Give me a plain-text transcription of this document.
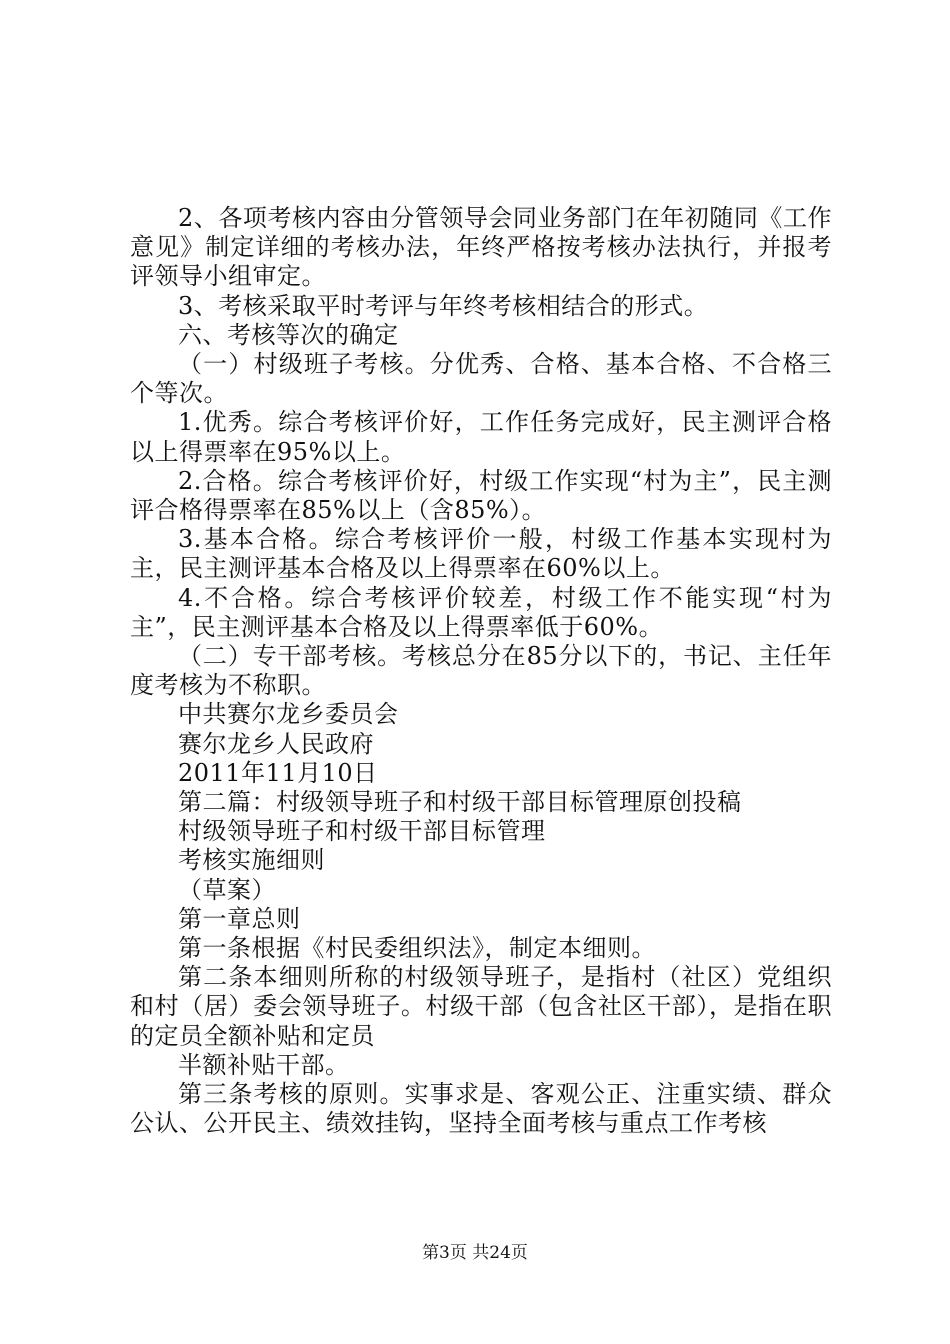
2、各项考核内容由分管领导会同业务部门在年初随同《工作意见》制定详细的考核办法，年终严格按考核办法执行，并报考评领导小组审定。

3、考核采取平时考评与年终考核相结合的形式。

六、考核等次的确定

（一）村级班子考核。分优秀、合格、基本合格、不合格三个等次。

1.优秀。综合考核评价好，工作任务完成好，民主测评合格以上得票率在95%以上。

2.合格。综合考核评价好，村级工作实现“村为主”，民主测评合格得票率在85%以上（含85%）。

3.基本合格。综合考核评价一般，村级工作基本实现村为主，民主测评基本合格及以上得票率在60%以上。

4.不合格。综合考核评价较差，村级工作不能实现“村为主”，民主测评基本合格及以上得票率低于60%。

（二）专干部考核。考核总分在85分以下的，书记、主任年度考核为不称职。

中共赛尔龙乡委员会

赛尔龙乡人民政府

2011年11月10日

第二篇：村级领导班子和村级干部目标管理原创投稿

村级领导班子和村级干部目标管理

考核实施细则

（草案）

第一章总则

第一条根据《村民委组织法》，制定本细则。

第二条本细则所称的村级领导班子，是指村（社区）党组织和村（居）委会领导班子。村级干部（包含社区干部），是指在职的定员全额补贴和定员

半额补贴干部。

第三条考核的原则。实事求是、客观公正、注重实绩、群众公认、公开民主、绩效挂钩，坚持全面考核与重点工作考核

第3页 共24页
